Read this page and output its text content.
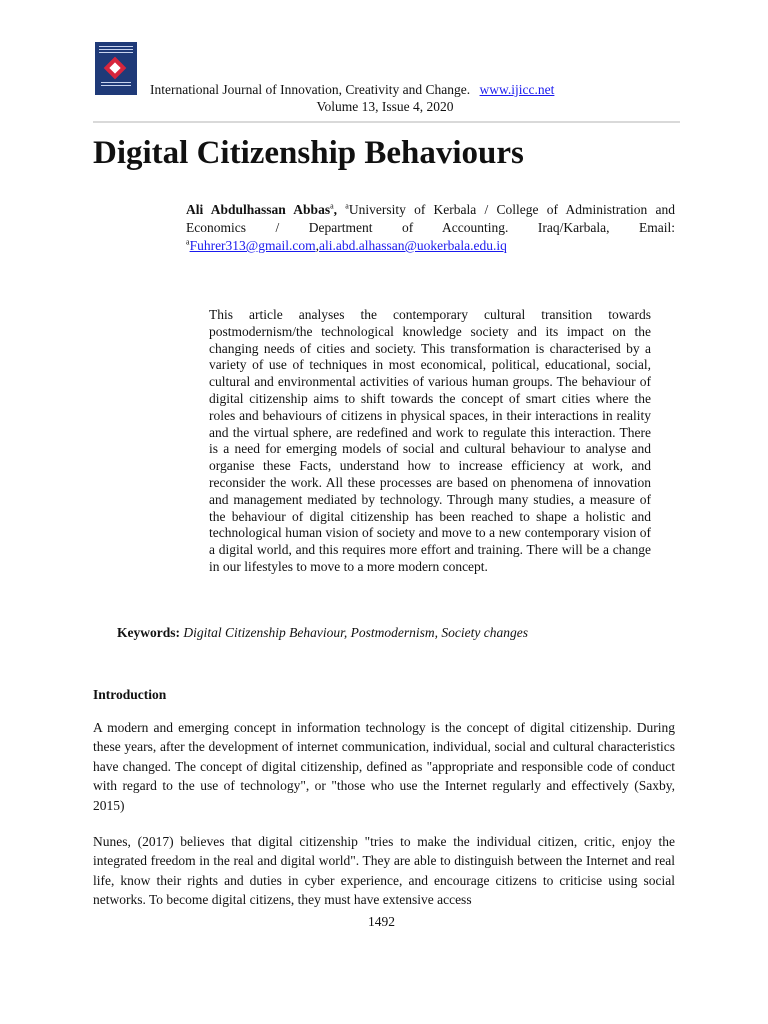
International Journal of Innovation, Creativity and Change. www.ijicc.net
Volume 13, Issue 4, 2020
Digital Citizenship Behaviours
Ali Abdulhassan Abbas$^a$, $^a$University of Kerbala / College of Administration and Economics / Department of Accounting. Iraq/Karbala, Email: $^a$Fuhrer313@gmail.com,ali.abd.alhassan@uokerbala.edu.iq

This article analyses the contemporary cultural transition towards postmodernism/the technological knowledge society and its impact on the changing needs of cities and society. This transformation is characterised by a variety of use of techniques in most economical, political, educational, social, cultural and environmental activities of various human groups. The behaviour of digital citizenship aims to shift towards the concept of smart cities where the roles and behaviours of citizens in physical spaces, in their interactions in reality and the virtual sphere, are redefined and work to regulate this interaction. There is a need for emerging models of social and cultural behaviour to analyse and organise these Facts, understand how to increase efficiency at work, and reconsider the work. All these processes are based on phenomena of innovation and management mediated by technology. Through many studies, a measure of the behaviour of digital citizenship has been reached to shape a holistic and technological human vision of society and move to a new contemporary vision of a digital world, and this requires more effort and training. There will be a change in our lifestyles to move to a more modern concept.

Keywords: Digital Citizenship Behaviour, Postmodernism, Society changes
Introduction

A modern and emerging concept in information technology is the concept of digital citizenship. During these years, after the development of internet communication, individual, social and cultural characteristics have changed. The concept of digital citizenship, defined as "appropriate and responsible code of conduct with regard to the use of technology", or "those who use the Internet regularly and effectively (Saxby, 2015)

Nunes, (2017) believes that digital citizenship "tries to make the individual citizen, critic, enjoy the integrated freedom in the real and digital world". They are able to distinguish between the Internet and real life, know their rights and duties in cyber experience, and encourage citizens to criticise using social networks. To become digital citizens, they must have extensive access

1492
